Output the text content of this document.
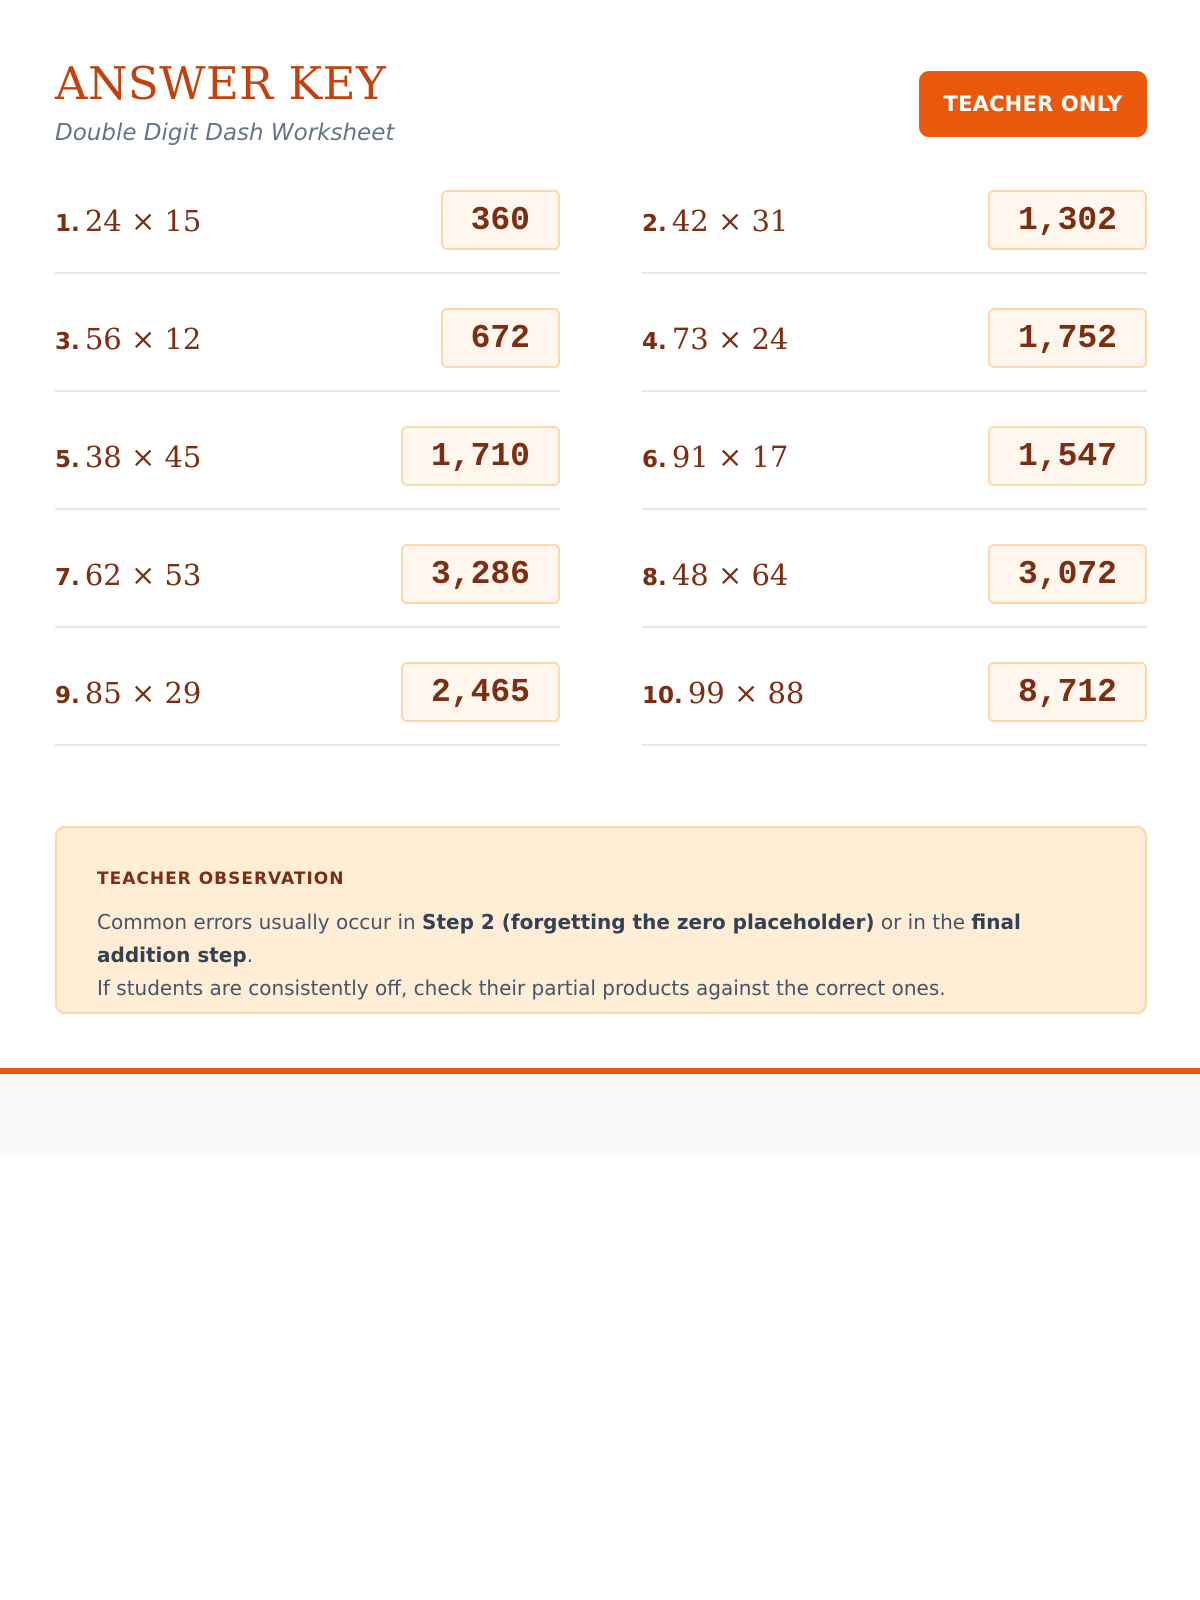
ANSWER KEY
Double Digit Dash Worksheet
TEACHER ONLY
1. 24 × 15	360	2. 42 × 31	1,302
3. 56 × 12	672	4. 73 × 24	1,752
5. 38 × 45	1,710	6. 91 × 17	1,547
7. 62 × 53	3,286	8. 48 × 64	3,072
9. 85 × 29	2,465	10. 99 × 88	8,712
TEACHER OBSERVATION
Common errors usually occur in Step 2 (forgetting the zero placeholder) or in the final addition step.
If students are consistently off, check their partial products against the correct ones.
